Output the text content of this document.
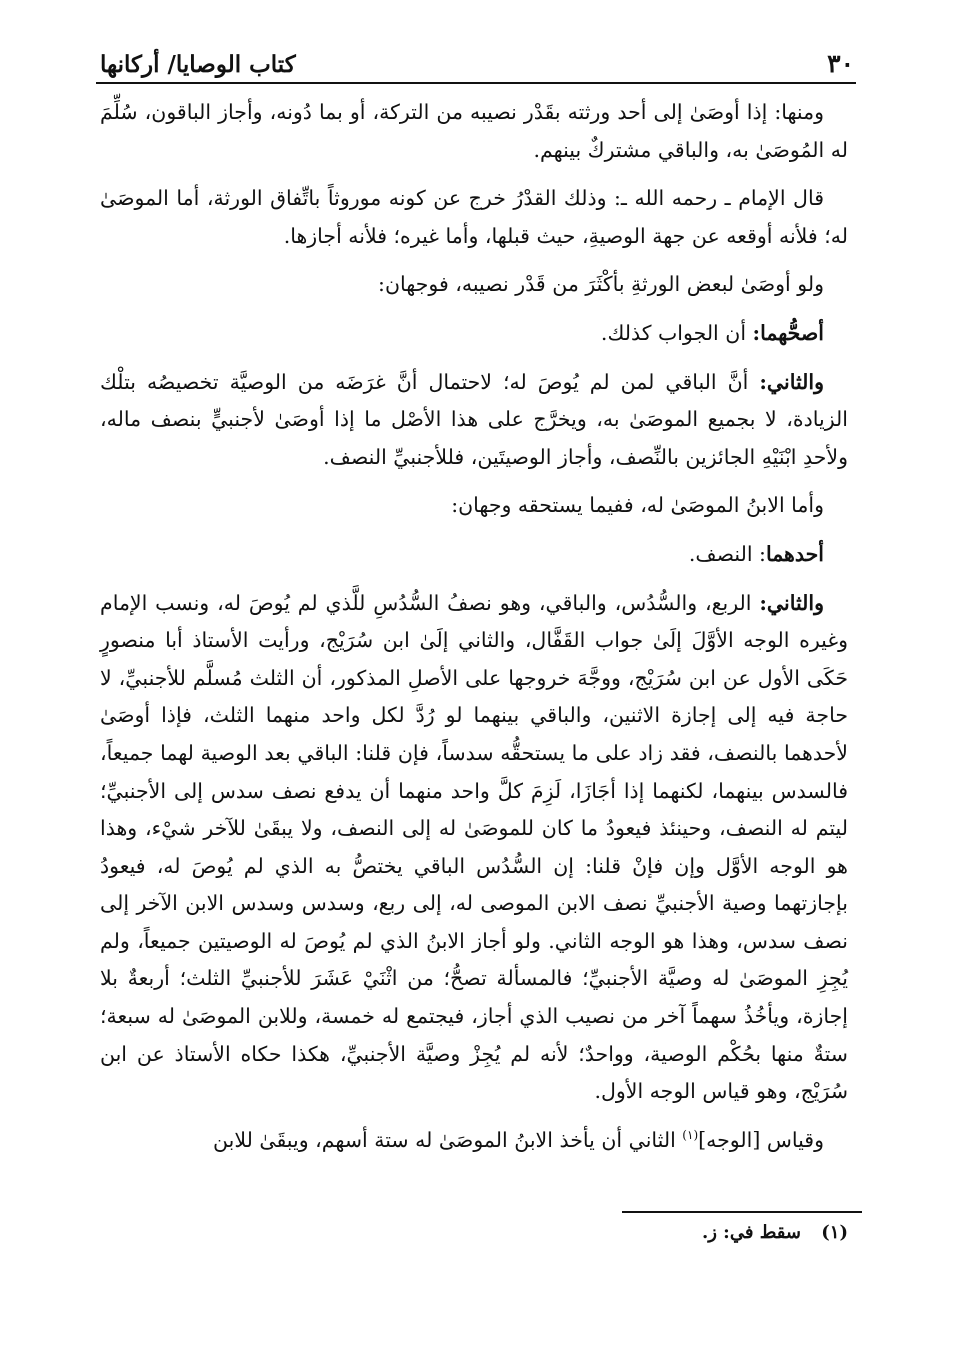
٣٠
كتاب الوصايا/ أركانها

ومنها: إذا أوصَىٰ إلى أحد ورثته بقَدْر نصيبه من التركة، أو بما دُونه، وأجاز الباقون، سُلِّمَ له المُوصَىٰ به، والباقي مشتركٌ بينهم.

قال الإمام ـ رحمه الله ـ: وذلك القدْرُ خرج عن كونه موروثاً باتِّفاق الورثة، أما الموصَىٰ له؛ فلأنه أوقعه عن جهة الوصيةِ، حيث قبلها، وأما غيره؛ فلأنه أجازها.

ولو أوصَىٰ لبعض الورثةِ بأكْثَرَ من قَدْر نصيبه، فوجهان:

أصحُّهما: أن الجواب كذلك.

والثاني: أنَّ الباقي لمن لم يُوصَ له؛ لاحتمال أنَّ غرَضَه من الوصيَّة تخصيصُه بتلْك الزيادة، لا بجميع الموصَىٰ به، ويخرَّج على هذا الأصْل ما إذا أوصَىٰ لأجنبيٍّ بنصف ماله، ولأحدِ ابْنَيْهِ الجائزين بالنِّصف، وأجاز الوصيتَين، فللأجنبيِّ النصف.

وأما الابنُ الموصَىٰ له، ففيما يستحقه وجهان:

أحدهما: النصف.

والثاني: الربع، والسُّدُس، والباقي، وهو نصفُ السُّدُسِ للَّذي لم يُوصَ له، ونسب الإمام وغيره الوجه الأوَّلَ إلَىٰ جواب القَفَّال، والثاني إلَىٰ ابن سُرَيْج، ورأيت الأستاذ أبا منصورٍ حَكَى الأول عن ابن سُرَيْج، ووجَّهَ خروجها على الأصلِ المذكور، أن الثلث مُسلَّم للأجنبيِّ، لا حاجة فيه إلى إجازة الاثنين، والباقي بينهما لو رُدَّ لكل واحد منهما الثلث، فإذا أوصَىٰ لأحدهما بالنصف، فقد زاد على ما يستحقُّه سدساً، فإن قلنا: الباقي بعد الوصية لهما جميعاً، فالسدس بينهما، لكنهما إذا أجَازَا، لَزِمَ كلَّ واحد منهما أن يدفع نصف سدس إلى الأجنبيِّ؛ ليتم له النصف، وحينئذ فيعودُ ما كان للموصَىٰ له إلى النصف، ولا يبقَىٰ للآخر شيْء، وهذا هو الوجه الأوَّل وإن فإنْ قلنا: إن السُّدُس الباقي يختصُّ به الذي لم يُوصَ له، فيعودُ بإجازتهما وصية الأجنبيِّ نصف الابن الموصى له، إلى ربع، وسدس وسدس الابن الآخر إلى نصف سدس، وهذا هو الوجه الثاني. ولو أجاز الابنُ الذي لم يُوصَ له الوصيتين جميعاً، ولم يُجِزِ الموصَىٰ له وصيَّة الأجنبيِّ؛ فالمسألة تصحُّ؛ من اثْنَيْ عَشَرَ للأجنبيِّ الثلث؛ أربعةٌ بلا إجازة، ويأخُذُ سهماً آخر من نصيب الذي أجاز، فيجتمع له خمسة، وللابن الموصَىٰ له سبعة؛ ستةٌ منها بحُكْم الوصية، وواحدٌ؛ لأنه لم يُجِزْ وصيَّة الأجنبيِّ، هكذا حكاه الأستاذ عن ابن سُرَيْج، وهو قياس الوجه الأول.

وقياس [الوجه]$^{(١)}$ الثاني أن يأخذ الابنُ الموصَىٰ له ستة أسهم، ويبقَىٰ للابن

(١) سقط في: ز.
